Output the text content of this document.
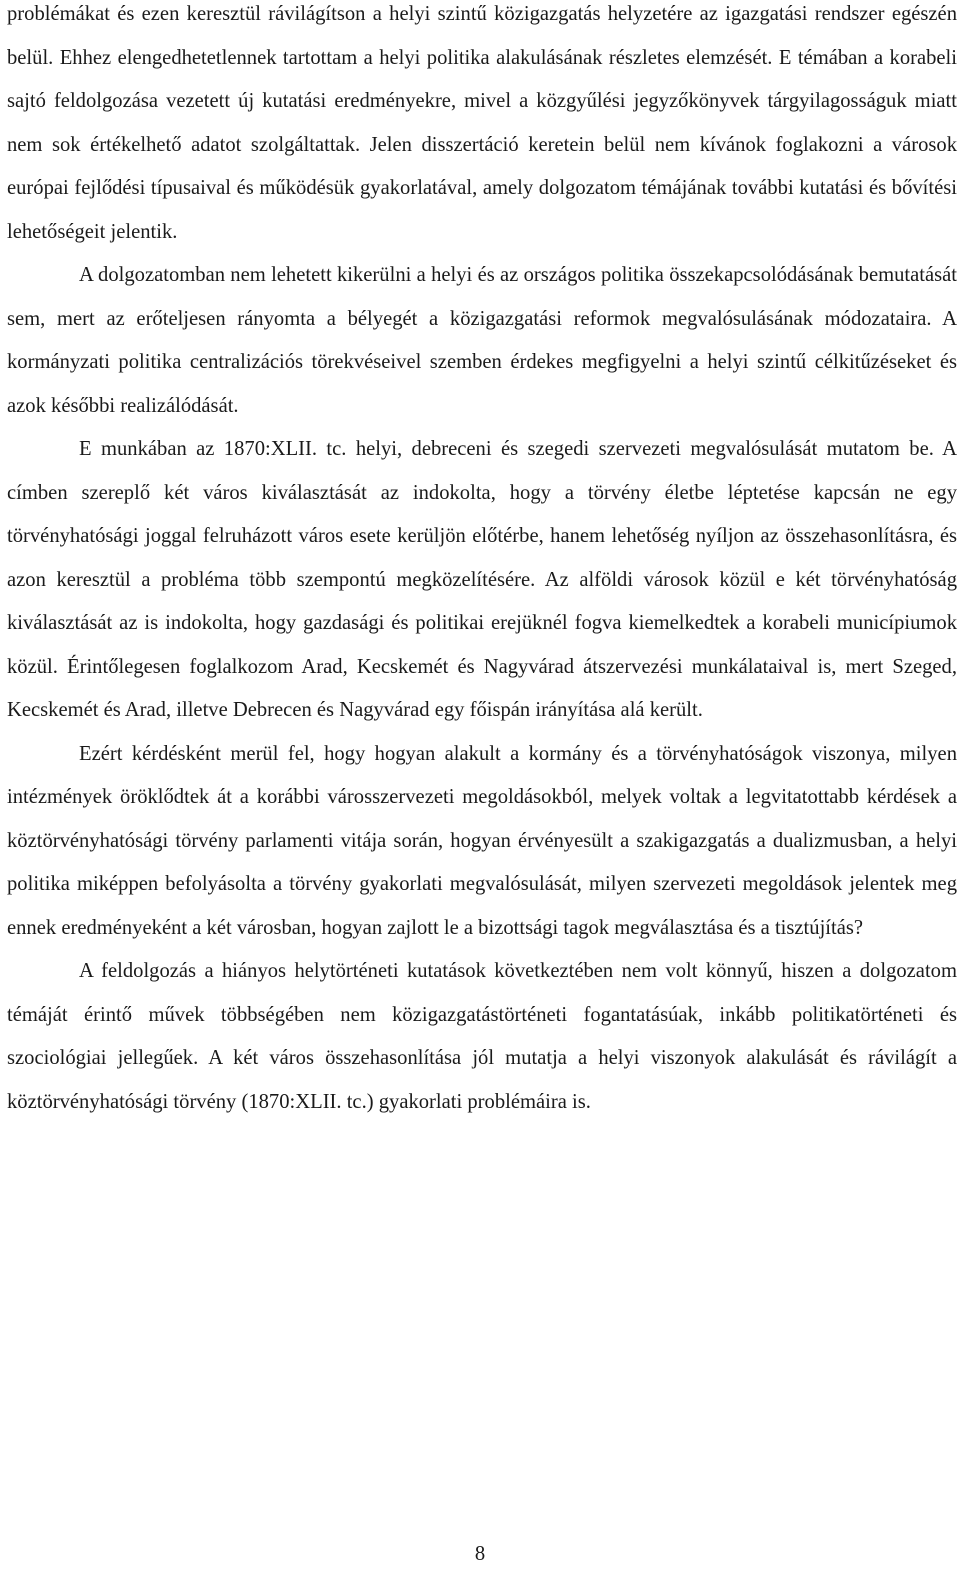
problémákat és ezen keresztül rávilágítson a helyi szintű közigazgatás helyzetére az igazgatási rendszer egészén belül. Ehhez elengedhetetlennek tartottam a helyi politika alakulásának részletes elemzését. E témában a korabeli sajtó feldolgozása vezetett új kutatási eredményekre, mivel a közgyűlési jegyzőkönyvek tárgyilagosságuk miatt nem sok értékelhető adatot szolgáltattak. Jelen disszertáció keretein belül nem kívánok foglakozni a városok európai fejlődési típusaival és működésük gyakorlatával, amely dolgozatom témájának további kutatási és bővítési lehetőségeit jelentik.

A dolgozatomban nem lehetett kikerülni a helyi és az országos politika összekapcsolódásának bemutatását sem, mert az erőteljesen rányomta a bélyegét a közigazgatási reformok megvalósulásának módozataira. A kormányzati politika centralizációs törekvéseivel szemben érdekes megfigyelni a helyi szintű célkitűzéseket és azok későbbi realizálódását.

E munkában az 1870:XLII. tc. helyi, debreceni és szegedi szervezeti megvalósulását mutatom be. A címben szereplő két város kiválasztását az indokolta, hogy a törvény életbe léptetése kapcsán ne egy törvényhatósági joggal felruházott város esete kerüljön előtérbe, hanem lehetőség nyíljon az összehasonlításra, és azon keresztül a probléma több szempontú megközelítésére. Az alföldi városok közül e két törvényhatóság kiválasztását az is indokolta, hogy gazdasági és politikai erejüknél fogva kiemelkedtek a korabeli municípiumok közül. Érintőlegesen foglalkozom Arad, Kecskemét és Nagyvárad átszervezési munkálataival is, mert Szeged, Kecskemét és Arad, illetve Debrecen és Nagyvárad egy főispán irányítása alá került.

Ezért kérdésként merül fel, hogy hogyan alakult a kormány és a törvényhatóságok viszonya, milyen intézmények öröklődtek át a korábbi városszervezeti megoldásokból, melyek voltak a legvitatottabb kérdések a köztörvényhatósági törvény parlamenti vitája során, hogyan érvényesült a szakigazgatás a dualizmusban, a helyi politika miképpen befolyásolta a törvény gyakorlati megvalósulását, milyen szervezeti megoldások jelentek meg ennek eredményeként a két városban, hogyan zajlott le a bizottsági tagok megválasztása és a tisztújítás?

A feldolgozás a hiányos helytörténeti kutatások következtében nem volt könnyű, hiszen a dolgozatom témáját érintő művek többségében nem közigazgatástörténeti fogantatásúak, inkább politikatörténeti és szociológiai jellegűek. A két város összehasonlítása jól mutatja a helyi viszonyok alakulását és rávilágít a köztörvényhatósági törvény (1870:XLII. tc.) gyakorlati problémáira is.

8
